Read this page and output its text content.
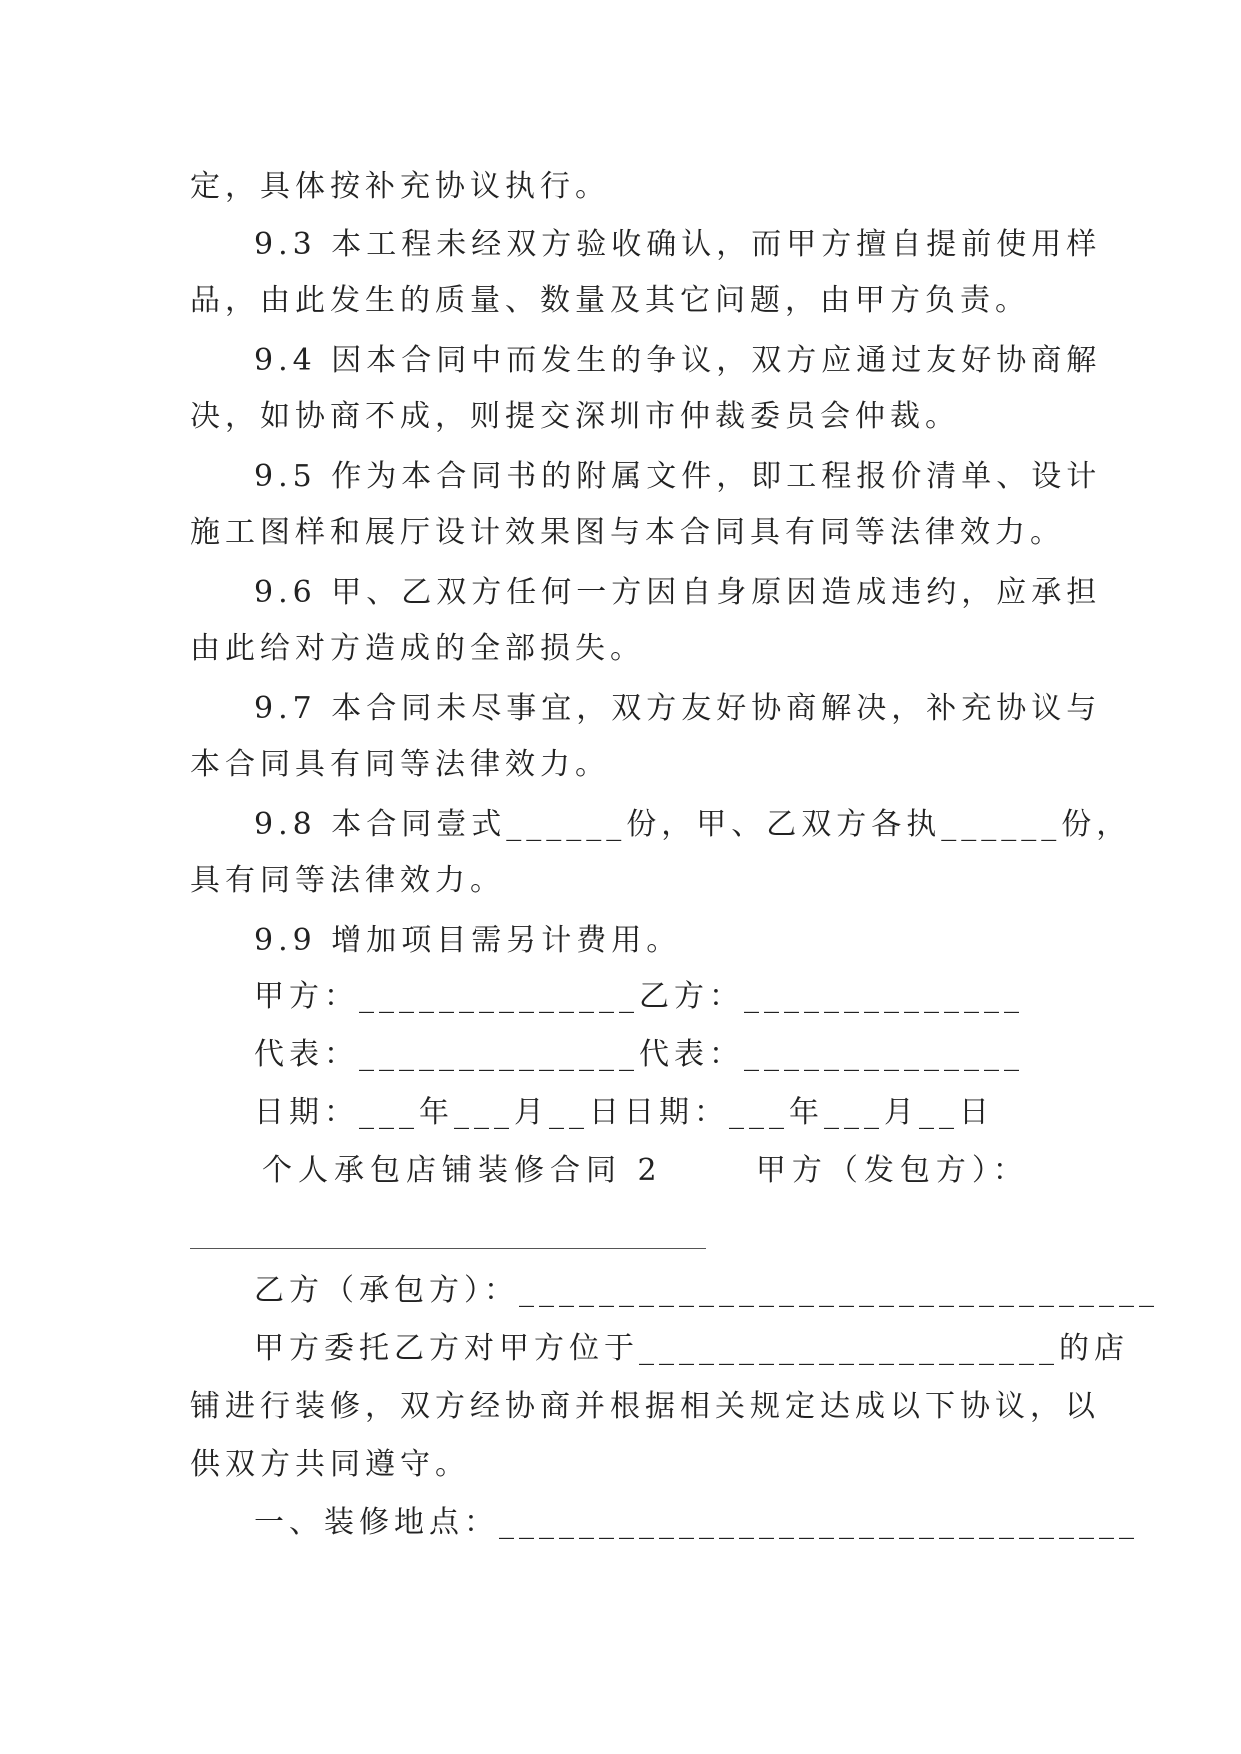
定，具体按补充协议执行。
9.3 本工程未经双方验收确认，而甲方擅自提前使用样
品，由此发生的质量、数量及其它问题，由甲方负责。
9.4 因本合同中而发生的争议，双方应通过友好协商解
决，如协商不成，则提交深圳市仲裁委员会仲裁。
9.5 作为本合同书的附属文件，即工程报价清单、设计
施工图样和展厅设计效果图与本合同具有同等法律效力。
9.6 甲、乙双方任何一方因自身原因造成违约，应承担
由此给对方造成的全部损失。
9.7 本合同未尽事宜，双方友好协商解决，补充协议与
本合同具有同等法律效力。
9.8 本合同壹式______份，甲、乙双方各执______份，
具有同等法律效力。
9.9 增加项目需另计费用。
甲方：______________乙方：______________
代表：______________代表：______________
日期：___年___月__日日期：___年___月__日
个人承包店铺装修合同 2      甲方（发包方）：
乙方（承包方）：________________________________
甲方委托乙方对甲方位于_____________________的店
铺进行装修，双方经协商并根据相关规定达成以下协议，以
供双方共同遵守。
一、装修地点：________________________________
